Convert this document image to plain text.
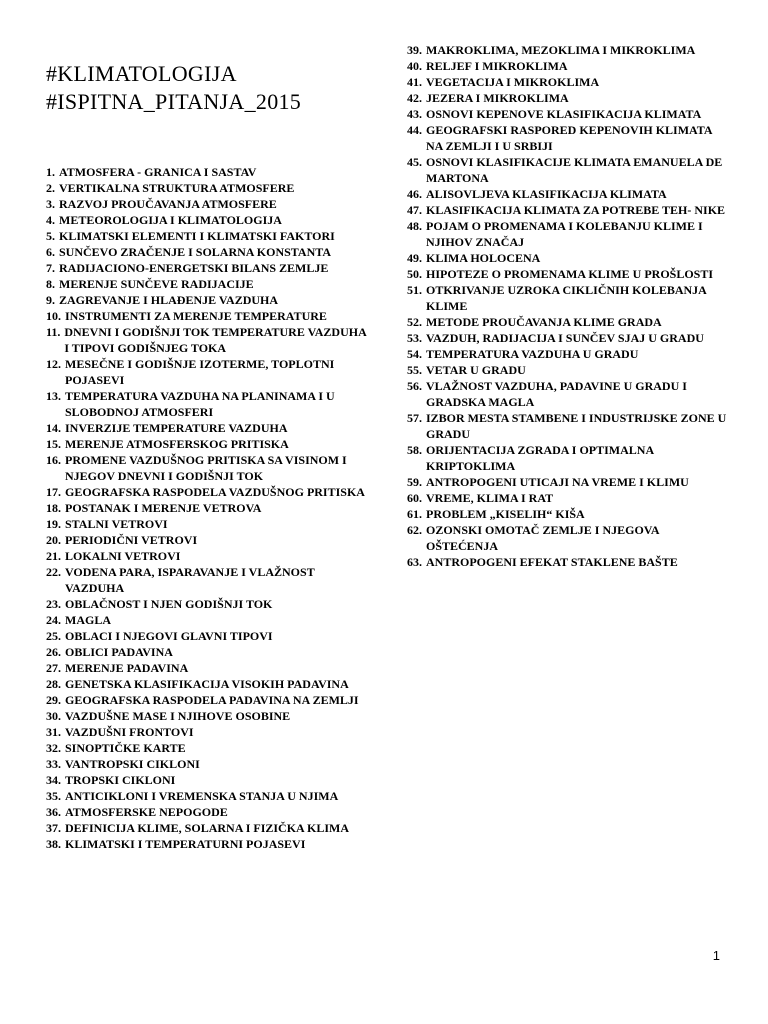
#KLIMATOLOGIJA
#ISPITNA_PITANJA_2015
1. ATMOSFERA - GRANICA I SASTAV
2. VERTIKALNA STRUKTURA ATMOSFERE
3. RAZVOJ PROUČAVANJA ATMOSFERE
4. METEOROLOGIJA I KLIMATOLOGIJA
5. KLIMATSKI ELEMENTI I KLIMATSKI FAKTORI
6. SUNČEVO ZRAČENJE I SOLARNA KONSTANTA
7. RADIJACIONO-ENERGETSKI BILANS ZEMLJE
8. MERENJE SUNČEVE RADIJACIJE
9. ZAGREVANJE I HLAĐENJE VAZDUHA
10. INSTRUMENTI ZA MERENJE TEMPERATURE
11. DNEVNI I GODIŠNJI TOK TEMPERATURE VAZDUHA I TIPOVI GODIŠNJEG TOKA
12. MESEČNE I GODIŠNJE IZOTERME, TOPLOTNI POJASEVI
13. TEMPERATURA VAZDUHA NA PLANINAMA I U SLOBODNOJ ATMOSFERI
14. INVERZIJE TEMPERATURE VAZDUHA
15. MERENJE ATMOSFERSKOG PRITISKA
16. PROMENE VAZDUŠNOG PRITISKA SA VISINOM I NJEGOV DNEVNI I GODIŠNJI TOK
17. GEOGRAFSKA RASPODELA VAZDUŠNOG PRITISKA
18. POSTANAK I MERENJE VETROVA
19. STALNI VETROVI
20. PERIODIČNI VETROVI
21. LOKALNI VETROVI
22. VODENA PARA, ISPARAVANJE I VLAŽNOST VAZDUHA
23. OBLAČNOST I NJEN GODIŠNJI TOK
24. MAGLA
25. OBLACI I NJEGOVI GLAVNI TIPOVI
26. OBLICI PADAVINA
27. MERENJE PADAVINA
28. GENETSKA KLASIFIKACIJA VISOKIH PADAVINA
29. GEOGRAFSKA RASPODELA PADAVINA NA ZEMLJI
30. VAZDUŠNE MASE I NJIHOVE OSOBINE
31. VAZDUŠNI FRONTOVI
32. SINOPTIČKE KARTE
33. VANTROPSKI CIKLONI
34. TROPSKI CIKLONI
35. ANTICIKLONI I VREMENSKA STANJA U NJIMA
36. ATMOSFERSKE NEPOGODE
37. DEFINICIJA KLIME, SOLARNA I FIZIČKA KLIMA
38. KLIMATSKI I TEMPERATURNI POJASEVI
39. MAKROKLIMA, MEZOKLIMA I MIKROKLIMA
40. RELJEF I MIKROKLIMA
41. VEGETACIJA I MIKROKLIMA
42. JEZERA I MIKROKLIMA
43. OSNOVI KEPENOVE KLASIFIKACIJA KLIMATA
44. GEOGRAFSKI RASPORED KEPENOVIH KLIMATA NA ZEMLJI I U SRBIJI
45. OSNOVI KLASIFIKACIJE KLIMATA EMANUELA DE MARTONA
46. ALISOVLJEVA KLASIFIKACIJA KLIMATA
47. KLASIFIKACIJA KLIMATA ZA POTREBE TEH- NIKE
48. POJAM O PROMENAMA I KOLEBANJU KLIME I NJIHOV ZNAČAJ
49. KLIMA HOLOCENA
50. HIPOTEZE O PROMENAMA KLIME U PROŠLOSTI
51. OTKRIVANJE UZROKA CIKLIČNIH KOLEBANJA KLIME
52. METODE PROUČAVANJA KLIME GRADA
53. VAZDUH, RADIJACIJA I SUNČEV SJAJ U GRADU
54. TEMPERATURA VAZDUHA U GRADU
55. VETAR U GRADU
56. VLAŽNOST VAZDUHA, PADAVINE U GRADU I GRADSKA MAGLA
57. IZBOR MESTA STAMBENE I INDUSTRIJSKE ZONE U GRADU
58. ORIJENTACIJA ZGRADA I OPTIMALNA KRIPTOKLIMA
59. ANTROPOGENI UTICAJI NA VREME I KLIMU
60. VREME, KLIMA I RAT
61. PROBLEM „KISELIH“ KIŠA
62. OZONSKI OMOTAČ ZEMLJE I NJEGOVA OŠTEĆENJA
63. ANTROPOGENI EFEKAT STAKLENE BAŠTE
1
